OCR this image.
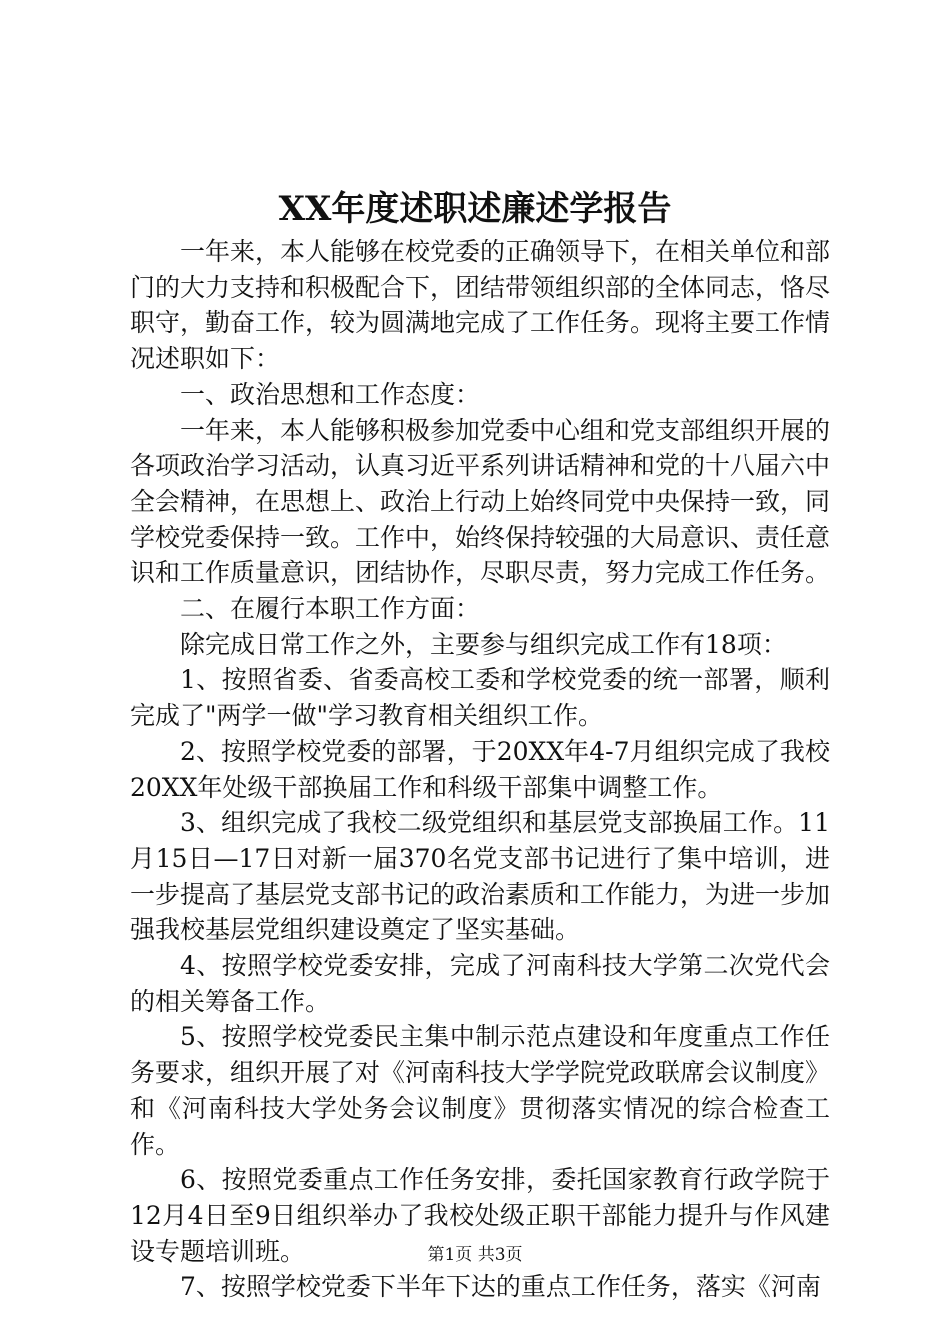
XX年度述职述廉述学报告

一年来，本人能够在校党委的正确领导下，在相关单位和部门的大力支持和积极配合下，团结带领组织部的全体同志，恪尽职守，勤奋工作，较为圆满地完成了工作任务。现将主要工作情况述职如下：

一、政治思想和工作态度：

一年来，本人能够积极参加党委中心组和党支部组织开展的各项政治学习活动，认真习近平系列讲话精神和党的十八届六中全会精神，在思想上、政治上行动上始终同党中央保持一致，同学校党委保持一致。工作中，始终保持较强的大局意识、责任意识和工作质量意识，团结协作，尽职尽责，努力完成工作任务。

二、在履行本职工作方面：

除完成日常工作之外，主要参与组织完成工作有18项：

1、按照省委、省委高校工委和学校党委的统一部署，顺利完成了"两学一做"学习教育相关组织工作。

2、按照学校党委的部署，于20XX年4-7月组织完成了我校20XX年处级干部换届工作和科级干部集中调整工作。

3、组织完成了我校二级党组织和基层党支部换届工作。11月15日—17日对新一届370名党支部书记进行了集中培训，进一步提高了基层党支部书记的政治素质和工作能力，为进一步加强我校基层党组织建设奠定了坚实基础。

4、按照学校党委安排，完成了河南科技大学第二次党代会的相关筹备工作。

5、按照学校党委民主集中制示范点建设和年度重点工作任务要求，组织开展了对《河南科技大学学院党政联席会议制度》和《河南科技大学处务会议制度》贯彻落实情况的综合检查工作。

6、按照党委重点工作任务安排，委托国家教育行政学院于12月4日至9日组织举办了我校处级正职干部能力提升与作风建设专题培训班。

7、按照学校党委下半年下达的重点工作任务，落实《河南

第1页 共3页
